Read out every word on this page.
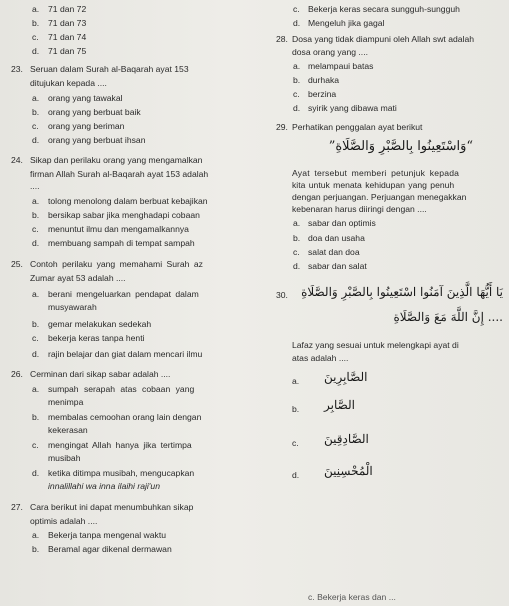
a. 71 dan 72
b. 71 dan 73
c. 71 dan 74
d. 71 dan 75
23. Seruan dalam Surah al-Baqarah ayat 153
ditujukan kepada ....
a. orang yang tawakal
b. orang yang berbuat baik
c. orang yang beriman
d. orang yang berbuat ihsan
24. Sikap dan perilaku orang yang mengamalkan
firman Allah Surah al-Baqarah ayat 153 adalah
....
a. tolong menolong dalam berbuat kebajikan
b. bersikap sabar jika menghadapi cobaan
c. menuntut ilmu dan mengamalkannya
d. membuang sampah di tempat sampah
25. Contoh perilaku yang memahami Surah az
Zumar ayat 53 adalah ....
a. berani mengeluarkan pendapat dalam
musyawarah
b. gemar melakukan sedekah
c. bekerja keras tanpa henti
d. rajin belajar dan giat dalam mencari ilmu
26. Cerminan dari sikap sabar adalah ....
a. sumpah serapah atas cobaan yang
menimpa
b. membalas cemoohan orang lain dengan
kekerasan
c. mengingat Allah hanya jika tertimpa
musibah
d. ketika ditimpa musibah, mengucapkan
innalillahi wa inna ilaihi raji'un
27. Cara berikut ini dapat menumbuhkan sikap
optimis adalah ....
a. Bekerja tanpa mengenal waktu
b. Beramal agar dikenal dermawan
c. Bekerja keras secara sungguh-sungguh
d. Mengeluh jika gagal
28. Dosa yang tidak diampuni oleh Allah swt adalah
dosa orang yang ....
a. melampaui batas
b. durhaka
c. berzina
d. syirik yang dibawa mati
29. Perhatikan penggalan ayat berikut
“وَاسْتَعِينُوا بِالصَّبْرِ وَالصَّلَاةِ”
Ayat tersebut memberi petunjuk kepada
kita untuk menata kehidupan yang penuh
dengan perjuangan. Perjuangan menegakkan
kebenaran harus diiringi dengan ....
a. sabar dan optimis
b. doa dan usaha
c. salat dan doa
d. sabar dan salat
30. يَا أَيُّهَا الَّذِينَ آمَنُوا اسْتَعِينُوا بِالصَّبْرِ وَالصَّلَاةِ
.... إِنَّ اللَّهَ مَعَ وَالصَّلَاةِ
Lafaz yang sesuai untuk melengkapi ayat di
atas adalah ....
a. الصَّابِرِينَ
b. الصَّابِر
c. الصَّادِقِينَ
d. الْمُحْسِنِينَ
c. Bekerja keras dan ...
